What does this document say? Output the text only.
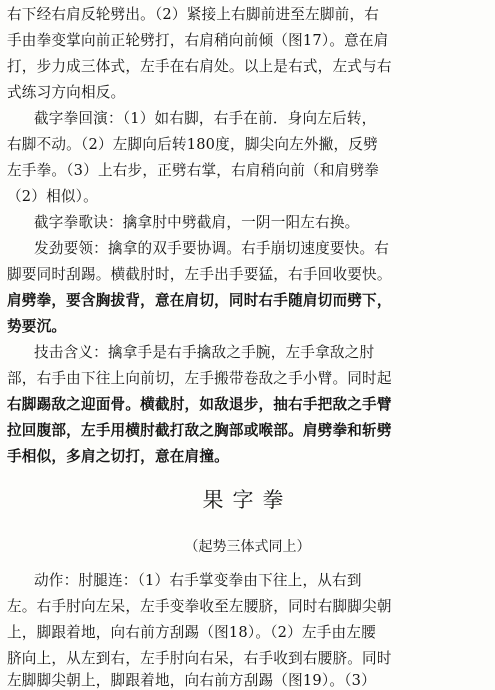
右下经右肩反轮劈出。（2）紧接上右脚前进至左脚前，右
手由拳变掌向前正轮劈打，右肩稍向前倾（图17）。意在肩
打，步力成三体式，左手在右肩处。以上是右式，左式与右
式练习方向相反。
截字拳回演：（1）如右脚，右手在前．身向左后转，
右脚不动。（2）左脚向后转180度，脚尖向左外撇，反劈
左手拳。（3）上右步，正劈右掌，右肩稍向前（和肩劈拳
（2）相似）。
截字拳歌诀：擒拿肘中劈截肩，一阴一阳左右换。
发劲要领：擒拿的双手要协调。右手崩切速度要快。右
脚要同时刮踢。横截肘时，左手出手要猛，右手回收要快。
肩劈拳，要含胸拔背，意在肩切，同时右手随肩切而劈下，
势要沉。
技击含义：擒拿手是右手擒敌之手腕，左手拿敌之肘
部，右手由下往上向前切，左手搬带卷敌之手小臂。同时起
右脚踢敌之迎面骨。横截肘，如敌退步，抽右手把敌之手臂
拉回腹部，左手用横肘截打敌之胸部或喉部。肩劈拳和斩劈
手相似，多肩之切打，意在肩撞。
果字拳
（起势三体式同上）
动作：肘腿连：（1）右手掌变拳由下往上，从右到
左。右手肘向左呆，左手变拳收至左腰脐，同时右脚脚尖朝
上，脚跟着地，向右前方刮踢（图18）。（2）左手由左腰
脐向上，从左到右，左手肘向右呆，右手收到右腰脐。同时
左脚脚尖朝上，脚跟着地，向右前方刮踢（图19）。（3）
